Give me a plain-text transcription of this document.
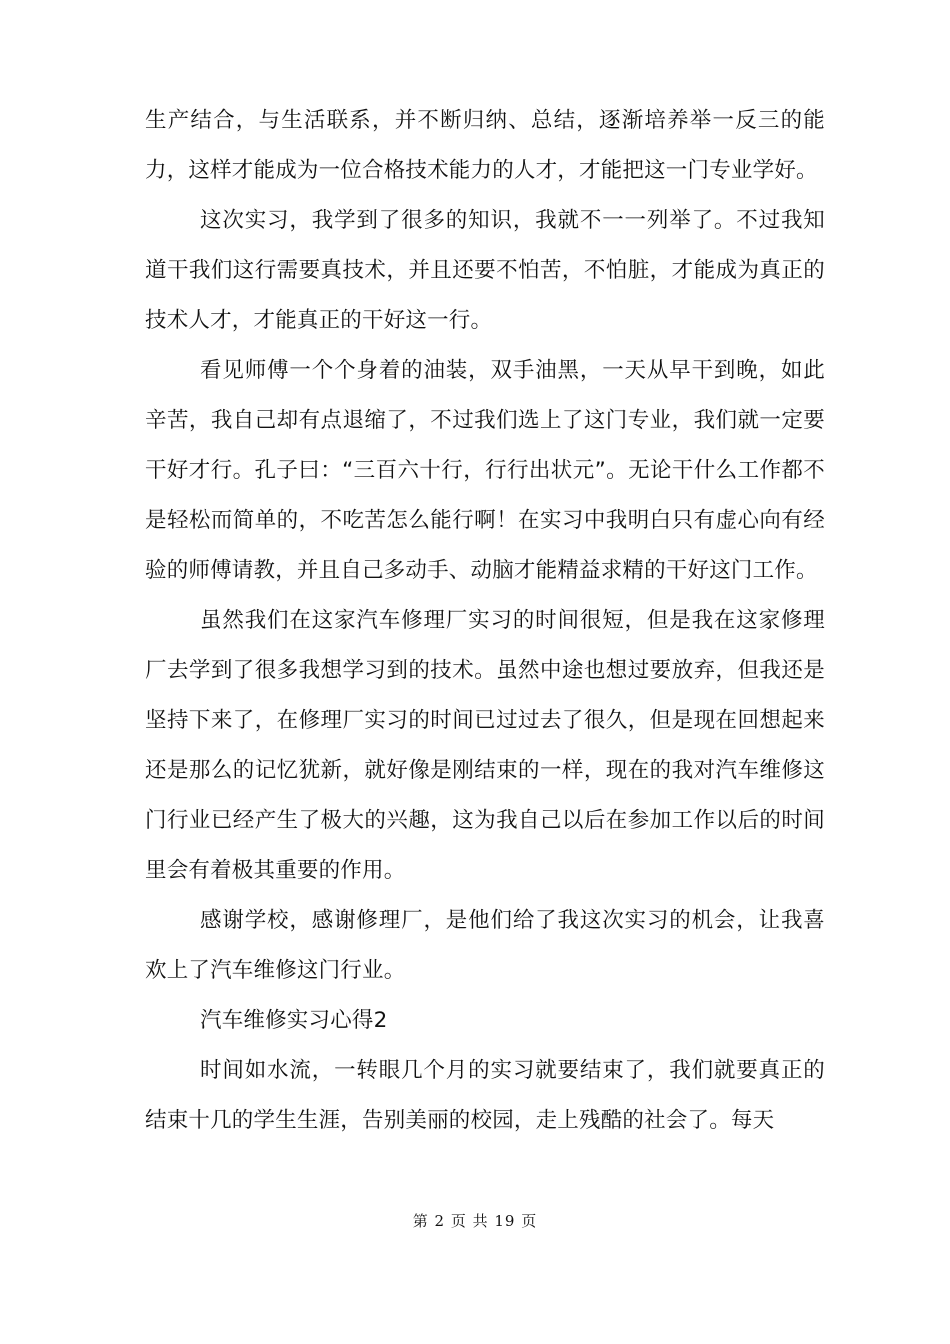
生产结合，与生活联系，并不断归纳、总结，逐渐培养举一反三的能力，这样才能成为一位合格技术能力的人才，才能把这一门专业学好。

这次实习，我学到了很多的知识，我就不一一列举了。不过我知道干我们这行需要真技术，并且还要不怕苦，不怕脏，才能成为真正的技术人才，才能真正的干好这一行。

看见师傅一个个身着的油装，双手油黑，一天从早干到晚，如此辛苦，我自己却有点退缩了，不过我们选上了这门专业，我们就一定要干好才行。孔子曰：“三百六十行，行行出状元”。无论干什么工作都不是轻松而简单的，不吃苦怎么能行啊！在实习中我明白只有虚心向有经验的师傅请教，并且自己多动手、动脑才能精益求精的干好这门工作。

虽然我们在这家汽车修理厂实习的时间很短，但是我在这家修理厂去学到了很多我想学习到的技术。虽然中途也想过要放弃，但我还是坚持下来了，在修理厂实习的时间已过过去了很久，但是现在回想起来还是那么的记忆犹新，就好像是刚结束的一样，现在的我对汽车维修这门行业已经产生了极大的兴趣，这为我自己以后在参加工作以后的时间里会有着极其重要的作用。

感谢学校，感谢修理厂，是他们给了我这次实习的机会，让我喜欢上了汽车维修这门行业。

汽车维修实习心得2

时间如水流，一转眼几个月的实习就要结束了，我们就要真正的结束十几的学生生涯，告别美丽的校园，走上残酷的社会了。每天

第 2 页 共 19 页
